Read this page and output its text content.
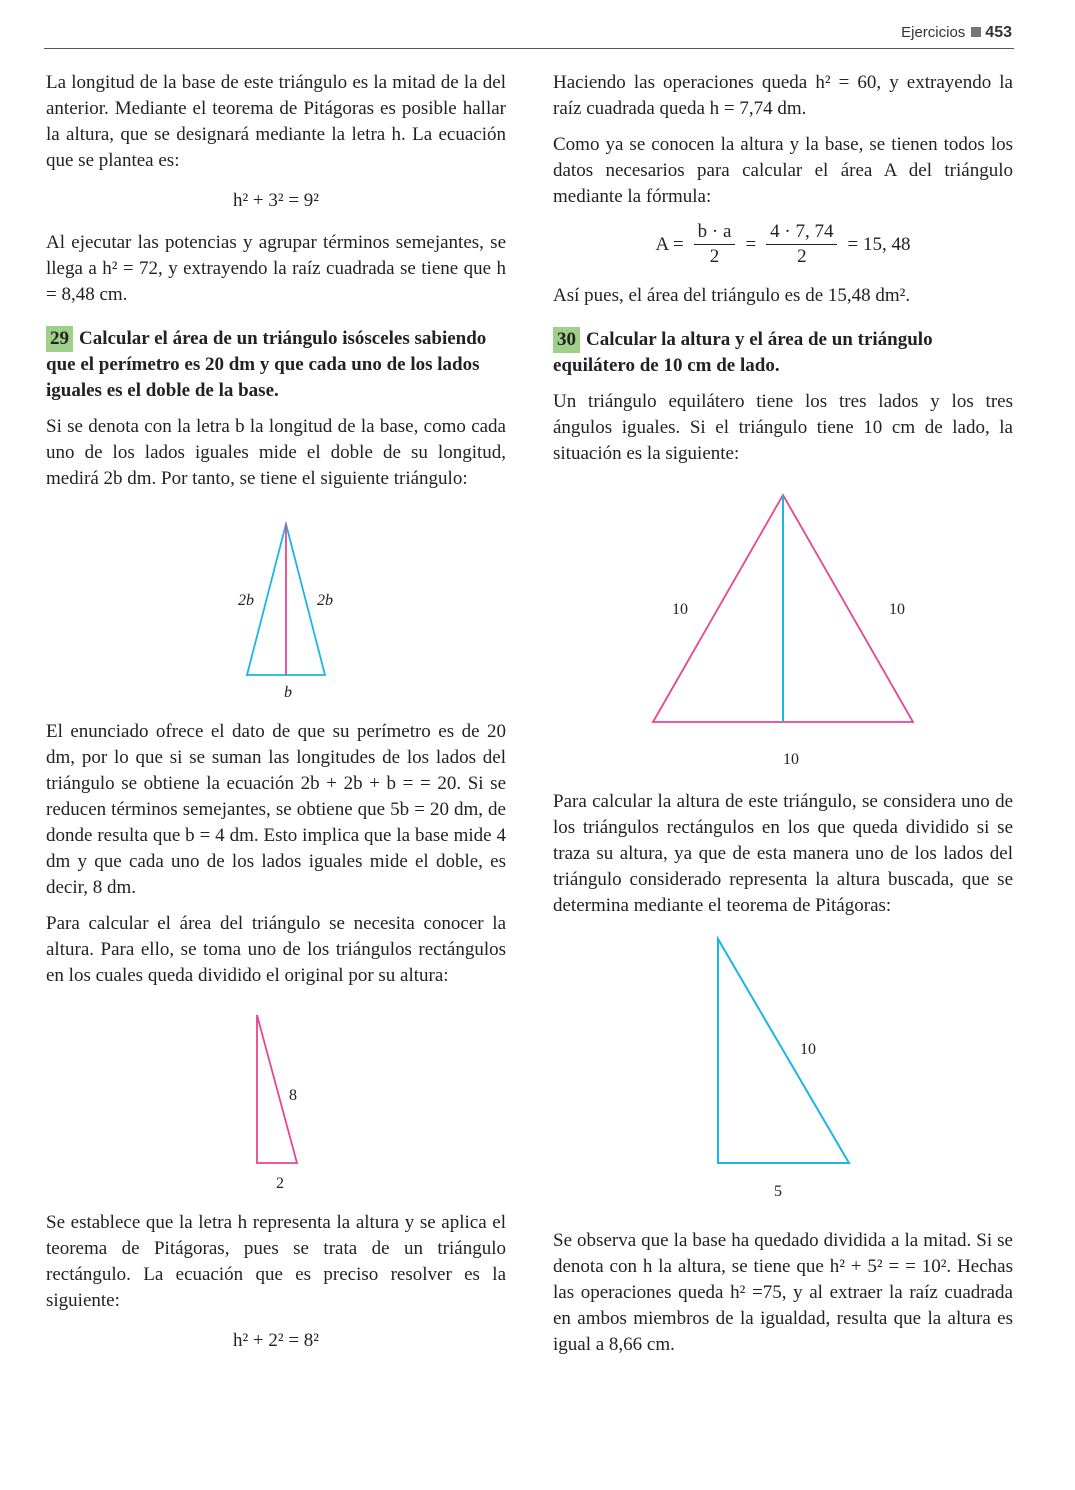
Ejercicios 453

La longitud de la base de este triángulo es la mitad de la del anterior. Mediante el teorema de Pitágoras es posible hallar la altura, que se designará mediante la letra h. La ecuación que se plantea es:

h² + 3² = 9²

Al ejecutar las potencias y agrupar términos semejantes, se llega a h² = 72, y extrayendo la raíz cuadrada se tiene que h = 8,48 cm.

29 Calcular el área de un triángulo isósceles sabiendo que el perímetro es 20 dm y que cada uno de los lados iguales es el doble de la base.

Si se denota con la letra b la longitud de la base, como cada uno de los lados iguales mide el doble de su longitud, medirá 2b dm. Por tanto, se tiene el siguiente triángulo:

2b	2b
b

El enunciado ofrece el dato de que su perímetro es de 20 dm, por lo que si se suman las longitudes de los lados del triángulo se obtiene la ecuación 2b + 2b + b = = 20. Si se reducen términos semejantes, se obtiene que 5b = 20 dm, de donde resulta que b = 4 dm. Esto implica que la base mide 4 dm y que cada uno de los lados iguales mide el doble, es decir, 8 dm.

Para calcular el área del triángulo se necesita conocer la altura. Para ello, se toma uno de los triángulos rectángulos en los cuales queda dividido el original por su altura:

8
2

Se establece que la letra h representa la altura y se aplica el teorema de Pitágoras, pues se trata de un triángulo rectángulo. La ecuación que es preciso resolver es la siguiente:

h² + 2² = 8²

Haciendo las operaciones queda h² = 60, y extrayendo la raíz cuadrada queda h = 7,74 dm.

Como ya se conocen la altura y la base, se tienen todos los datos necesarios para calcular el área A del triángulo mediante la fórmula:

$A = \frac{b \cdot a}{2} = \frac{4 \cdot 7, 74}{2} = 15$, 48

Así pues, el área del triángulo es de 15,48 dm².

30 Calcular la altura y el área de un triángulo equilátero de 10 cm de lado.

Un triángulo equilátero tiene los tres lados y los tres ángulos iguales. Si el triángulo tiene 10 cm de lado, la situación es la siguiente:

10	10
10

Para calcular la altura de este triángulo, se considera uno de los triángulos rectángulos en los que queda dividido si se traza su altura, ya que de esta manera uno de los lados del triángulo considerado representa la altura buscada, que se determina mediante el teorema de Pitágoras:

10
5

Se observa que la base ha quedado dividida a la mitad. Si se denota con h la altura, se tiene que h² + 5² = = 10². Hechas las operaciones queda h² =75, y al extraer la raíz cuadrada en ambos miembros de la igualdad, resulta que la altura es igual a 8,66 cm.
